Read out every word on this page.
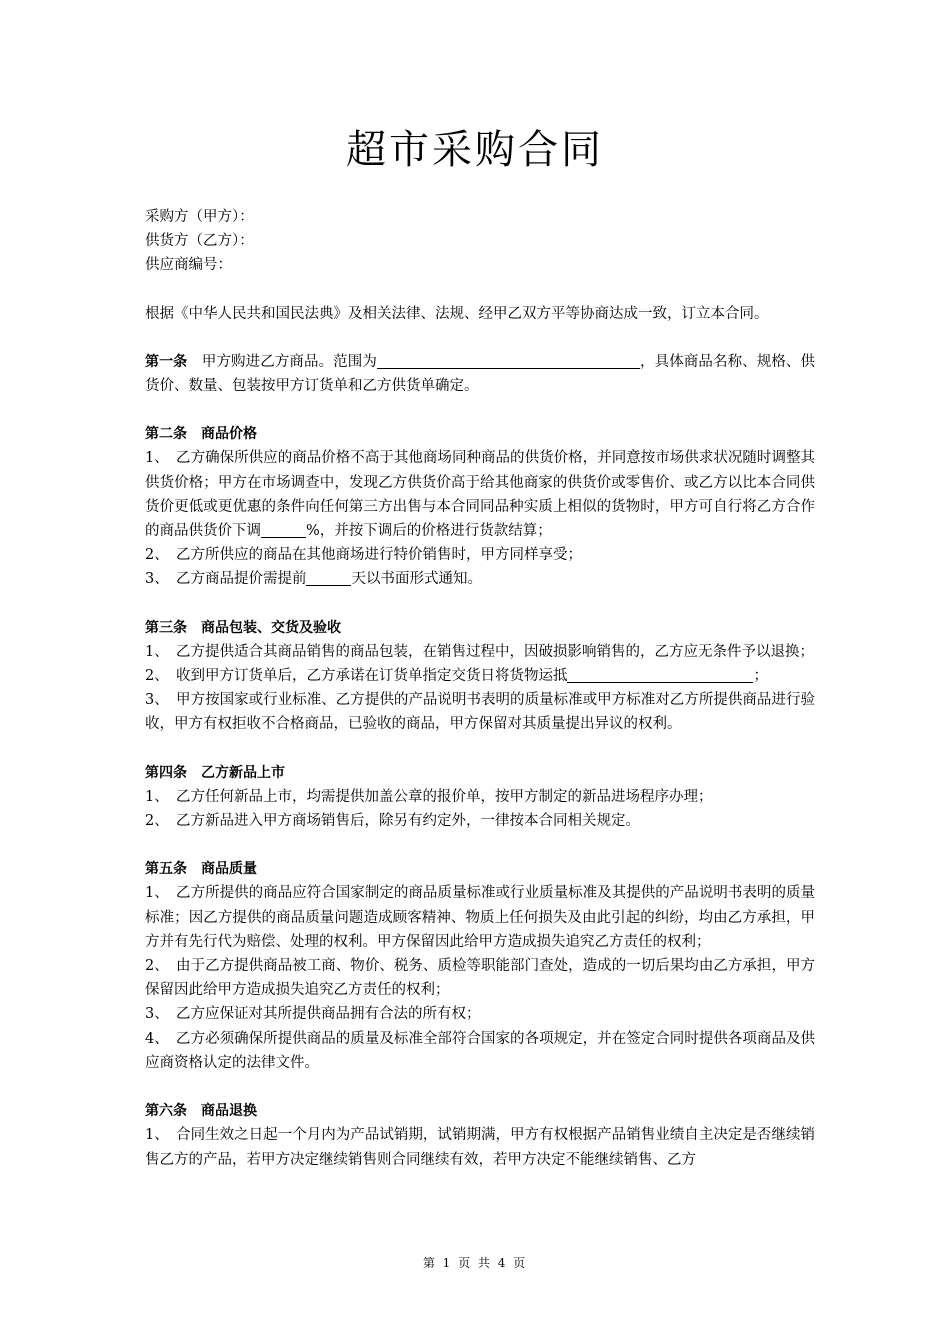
超市采购合同

采购方（甲方）：

供货方（乙方）：

供应商编号：

根据《中华人民共和国民法典》及相关法律、法规、经甲乙双方平等协商达成一致，订立本合同。

第一条　甲方购进乙方商品。范围为	，具体商品名称、规格、供货价、数量、包装按甲方订货单和乙方供货单确定。

第二条　商品价格

1、　乙方确保所供应的商品价格不高于其他商场同种商品的供货价格，并同意按市场供求状况随时调整其供货价格；甲方在市场调查中，发现乙方供货价高于给其他商家的供货价或零售价、或乙方以比本合同供货价更低或更优惠的条件向任何第三方出售与本合同同品种实质上相似的货物时，甲方可自行将乙方合作的商品供货价下调	%，并按下调后的价格进行货款结算；

2、　乙方所供应的商品在其他商场进行特价销售时，甲方同样享受；

3、　乙方商品提价需提前	天以书面形式通知。

第三条　商品包装、交货及验收

1、　乙方提供适合其商品销售的商品包装，在销售过程中，因破损影响销售的，乙方应无条件予以退换；

2、　收到甲方订货单后，乙方承诺在订货单指定交货日将货物运抵	；

3、　甲方按国家或行业标准、乙方提供的产品说明书表明的质量标准或甲方标准对乙方所提供商品进行验收，甲方有权拒收不合格商品，已验收的商品，甲方保留对其质量提出异议的权利。

第四条　乙方新品上市

1、　乙方任何新品上市，均需提供加盖公章的报价单，按甲方制定的新品进场程序办理；

2、　乙方新品进入甲方商场销售后，除另有约定外，一律按本合同相关规定。

第五条　商品质量

1、　乙方所提供的商品应符合国家制定的商品质量标准或行业质量标准及其提供的产品说明书表明的质量标准；因乙方提供的商品质量问题造成顾客精神、物质上任何损失及由此引起的纠纷，均由乙方承担，甲方并有先行代为赔偿、处理的权利。甲方保留因此给甲方造成损失追究乙方责任的权利；

2、　由于乙方提供商品被工商、物价、税务、质检等职能部门查处，造成的一切后果均由乙方承担，甲方保留因此给甲方造成损失追究乙方责任的权利；

3、　乙方应保证对其所提供商品拥有合法的所有权；

4、　乙方必须确保所提供商品的质量及标准全部符合国家的各项规定，并在签定合同时提供各项商品及供应商资格认定的法律文件。

第六条　商品退换

1、　合同生效之日起一个月内为产品试销期，试销期满，甲方有权根据产品销售业绩自主决定是否继续销售乙方的产品，若甲方决定继续销售则合同继续有效，若甲方决定不能继续销售、乙方

第 1 页 共 4 页
